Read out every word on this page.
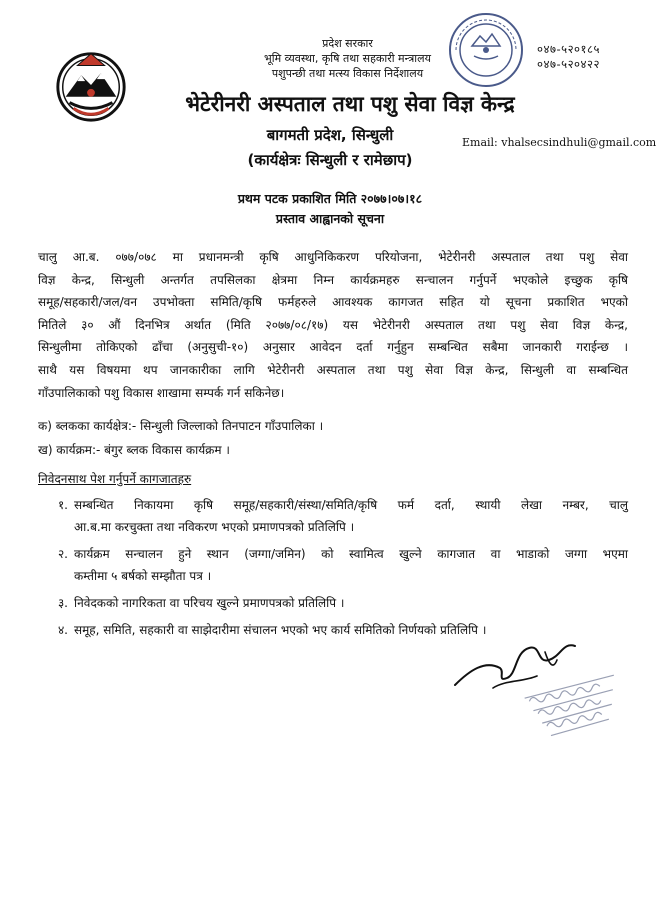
प्रदेश सरकार
भूमि व्यवस्था, कृषि तथा सहकारी मन्त्रालय
पशुपन्छी तथा मत्स्य विकास निर्देशालय
०४७-५२०१८५
०४७-५२०४२२
भेटेरीनरी अस्पताल तथा पशु सेवा विज्ञ केन्द्र
बागमती प्रदेश, सिन्धुली
(कार्यक्षेत्रः सिन्धुली र रामेछाप)
Email: vhalsecsindhuli@gmail.com
प्रथम पटक प्रकाशित मिति २०७७।०७।१८
प्रस्ताव आह्वानको सूचना
चालु आ.ब. ०७७/०७८ मा प्रधानमन्त्री कृषि आधुनिकिकरण परियोजना, भेटेरीनरी अस्पताल तथा पशु सेवा
विज्ञ केन्द्र, सिन्धुली अन्तर्गत तपसिलका क्षेत्रमा निम्न कार्यक्रमहरु सन्चालन गर्नुपर्ने भएकोले इच्छुक कृषि
समूह/सहकारी/जल/वन उपभोक्ता समिति/कृषि फर्महरुले आवश्यक कागजत सहित यो सूचना प्रकाशित भएको
मितिले ३० औं दिनभित्र अर्थात (मिति २०७७/०८/१७) यस भेटेरीनरी अस्पताल तथा पशु सेवा विज्ञ केन्द्र,
सिन्धुलीमा तोकिएको ढाँचा (अनुसुची-१०) अनुसार आवेदन दर्ता गर्नुहुन सम्बन्धित सबैमा जानकारी गराईन्छ ।
साथै यस विषयमा थप जानकारीका लागि भेटेरीनरी अस्पताल तथा पशु सेवा विज्ञ केन्द्र, सिन्धुली वा सम्बन्धित
गाँउपालिकाको पशु विकास शाखामा सम्पर्क गर्न सकिनेछ।
क) ब्लकका कार्यक्षेत्र:- सिन्धुली जिल्लाको तिनपाटन गाँउपालिका ।
ख) कार्यक्रम:- बंगुर ब्लक विकास कार्यक्रम ।
निवेदनसाथ पेश गर्नुपर्ने कागजातहरु
१. सम्बन्धित निकायमा कृषि समूह/सहकारी/संस्था/समिति/कृषि फर्म दर्ता, स्थायी लेखा नम्बर, चालु
आ.ब.मा करचुक्ता तथा नविकरण भएको प्रमाणपत्रको प्रतिलिपि ।
२. कार्यक्रम सन्चालन हुने स्थान (जग्गा/जमिन) को स्वामित्व खुल्ने कागजात वा भाडाको जग्गा भएमा
कम्तीमा ५ बर्षको सम्झौता पत्र ।
३. निवेदकको नागरिकता वा परिचय खुल्ने प्रमाणपत्रको प्रतिलिपि ।
४. समूह, समिति, सहकारी वा साझेदारीमा संचालन भएको भए कार्य समितिको निर्णयको प्रतिलिपि ।
